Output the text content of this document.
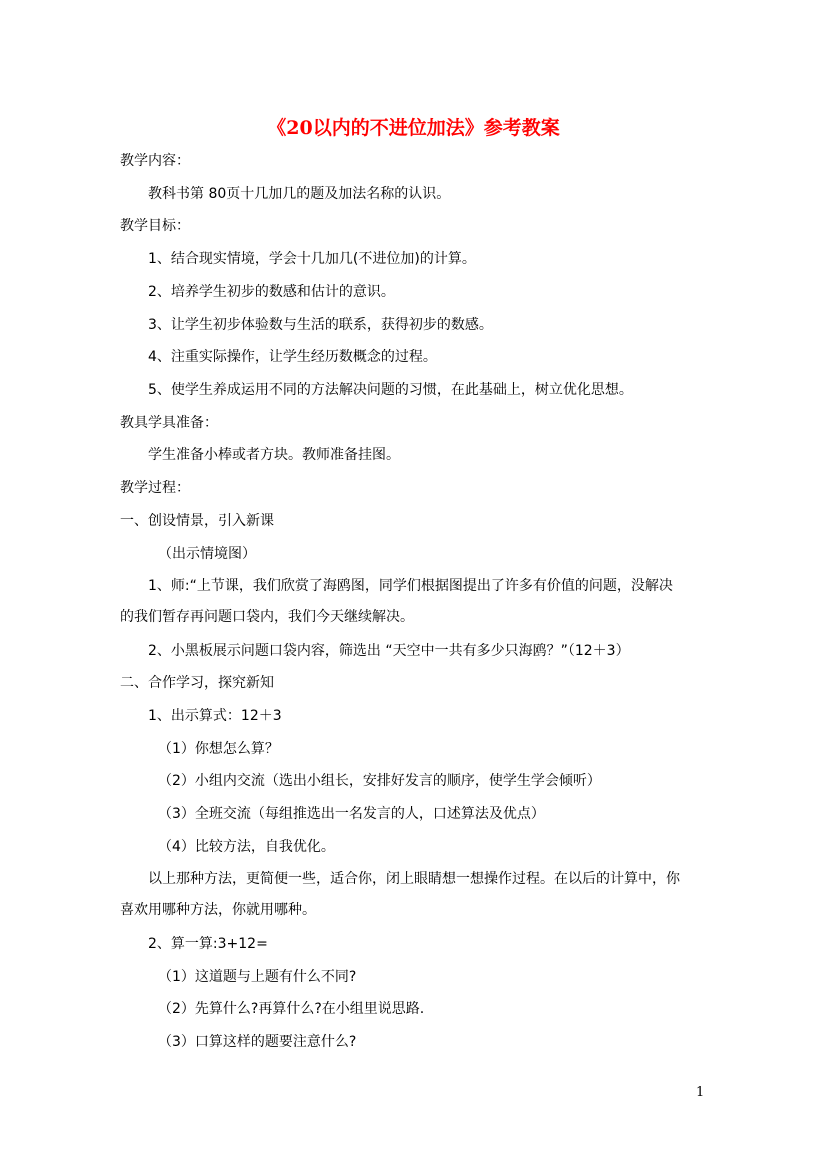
《20以内的不进位加法》参考教案
教学内容：
教科书第 80页十几加几的题及加法名称的认识。
教学目标：
1、结合现实情境，学会十几加几(不进位加)的计算。
2、培养学生初步的数感和估计的意识。
3、让学生初步体验数与生活的联系，获得初步的数感。
4、注重实际操作，让学生经历数概念的过程。
5、使学生养成运用不同的方法解决问题的习惯，在此基础上，树立优化思想。
教具学具准备：
学生准备小棒或者方块。教师准备挂图。
教学过程：
一、创设情景，引入新课
（出示情境图）
1、师:“上节课，我们欣赏了海鸥图，同学们根据图提出了许多有价值的问题，没解决
的我们暂存再问题口袋内，我们今天继续解决。
2、小黑板展示问题口袋内容，筛选出 “天空中一共有多少只海鸥？”（12＋3）
二、合作学习，探究新知
1、出示算式：12＋3
（1）你想怎么算？
（2）小组内交流（选出小组长，安排好发言的顺序，使学生学会倾听）
（3）全班交流（每组推选出一名发言的人，口述算法及优点）
（4）比较方法，自我优化。
以上那种方法，更简便一些，适合你，闭上眼睛想一想操作过程。在以后的计算中，你
喜欢用哪种方法，你就用哪种。
2、算一算:3+12=
（1）这道题与上题有什么不同?
（2）先算什么?再算什么?在小组里说思路.
（3）口算这样的题要注意什么?
1
